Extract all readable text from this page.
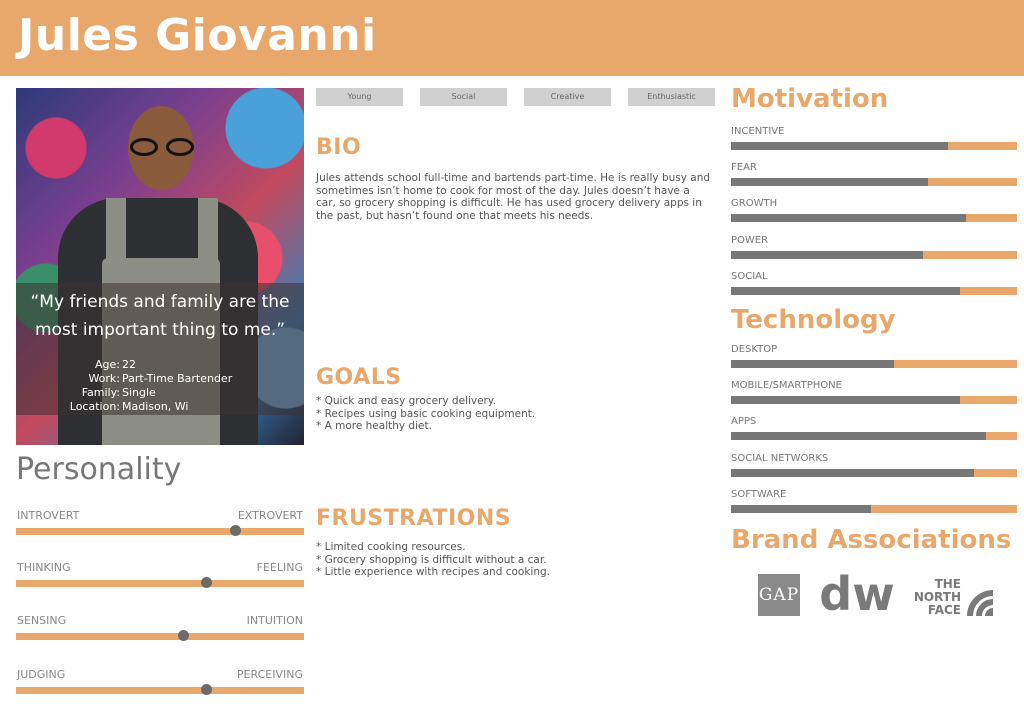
Jules Giovanni
“My friends and family are the most important thing to me.”
Age: 22
Work: Part-Time Bartender
Family: Single
Location: Madison, Wi
Personality
INTROVERT	EXTROVERT
THINKING	FEELING
SENSING	INTUITION
JUDGING	PERCEIVING
Young	Social	Creative	Enthusiastic
BIO
Jules attends school full-time and bartends part-time. He is really busy and sometimes isn’t home to cook for most of the day. Jules doesn’t have a car, so grocery shopping is difficult. He has used grocery delivery apps in the past, but hasn’t found one that meets his needs.
GOALS
* Quick and easy grocery delivery.
* Recipes using basic cooking equipment.
* A more healthy diet.
FRUSTRATIONS
* Limited cooking resources.
* Grocery shopping is difficult without a car.
* Little experience with recipes and cooking.
Motivation
INCENTIVE
FEAR
GROWTH
POWER
SOCIAL
Technology
DESKTOP
MOBILE/SMARTPHONE
APPS
SOCIAL NETWORKS
SOFTWARE
Brand Associations
GAP dw	THE
NORTH
FACE
